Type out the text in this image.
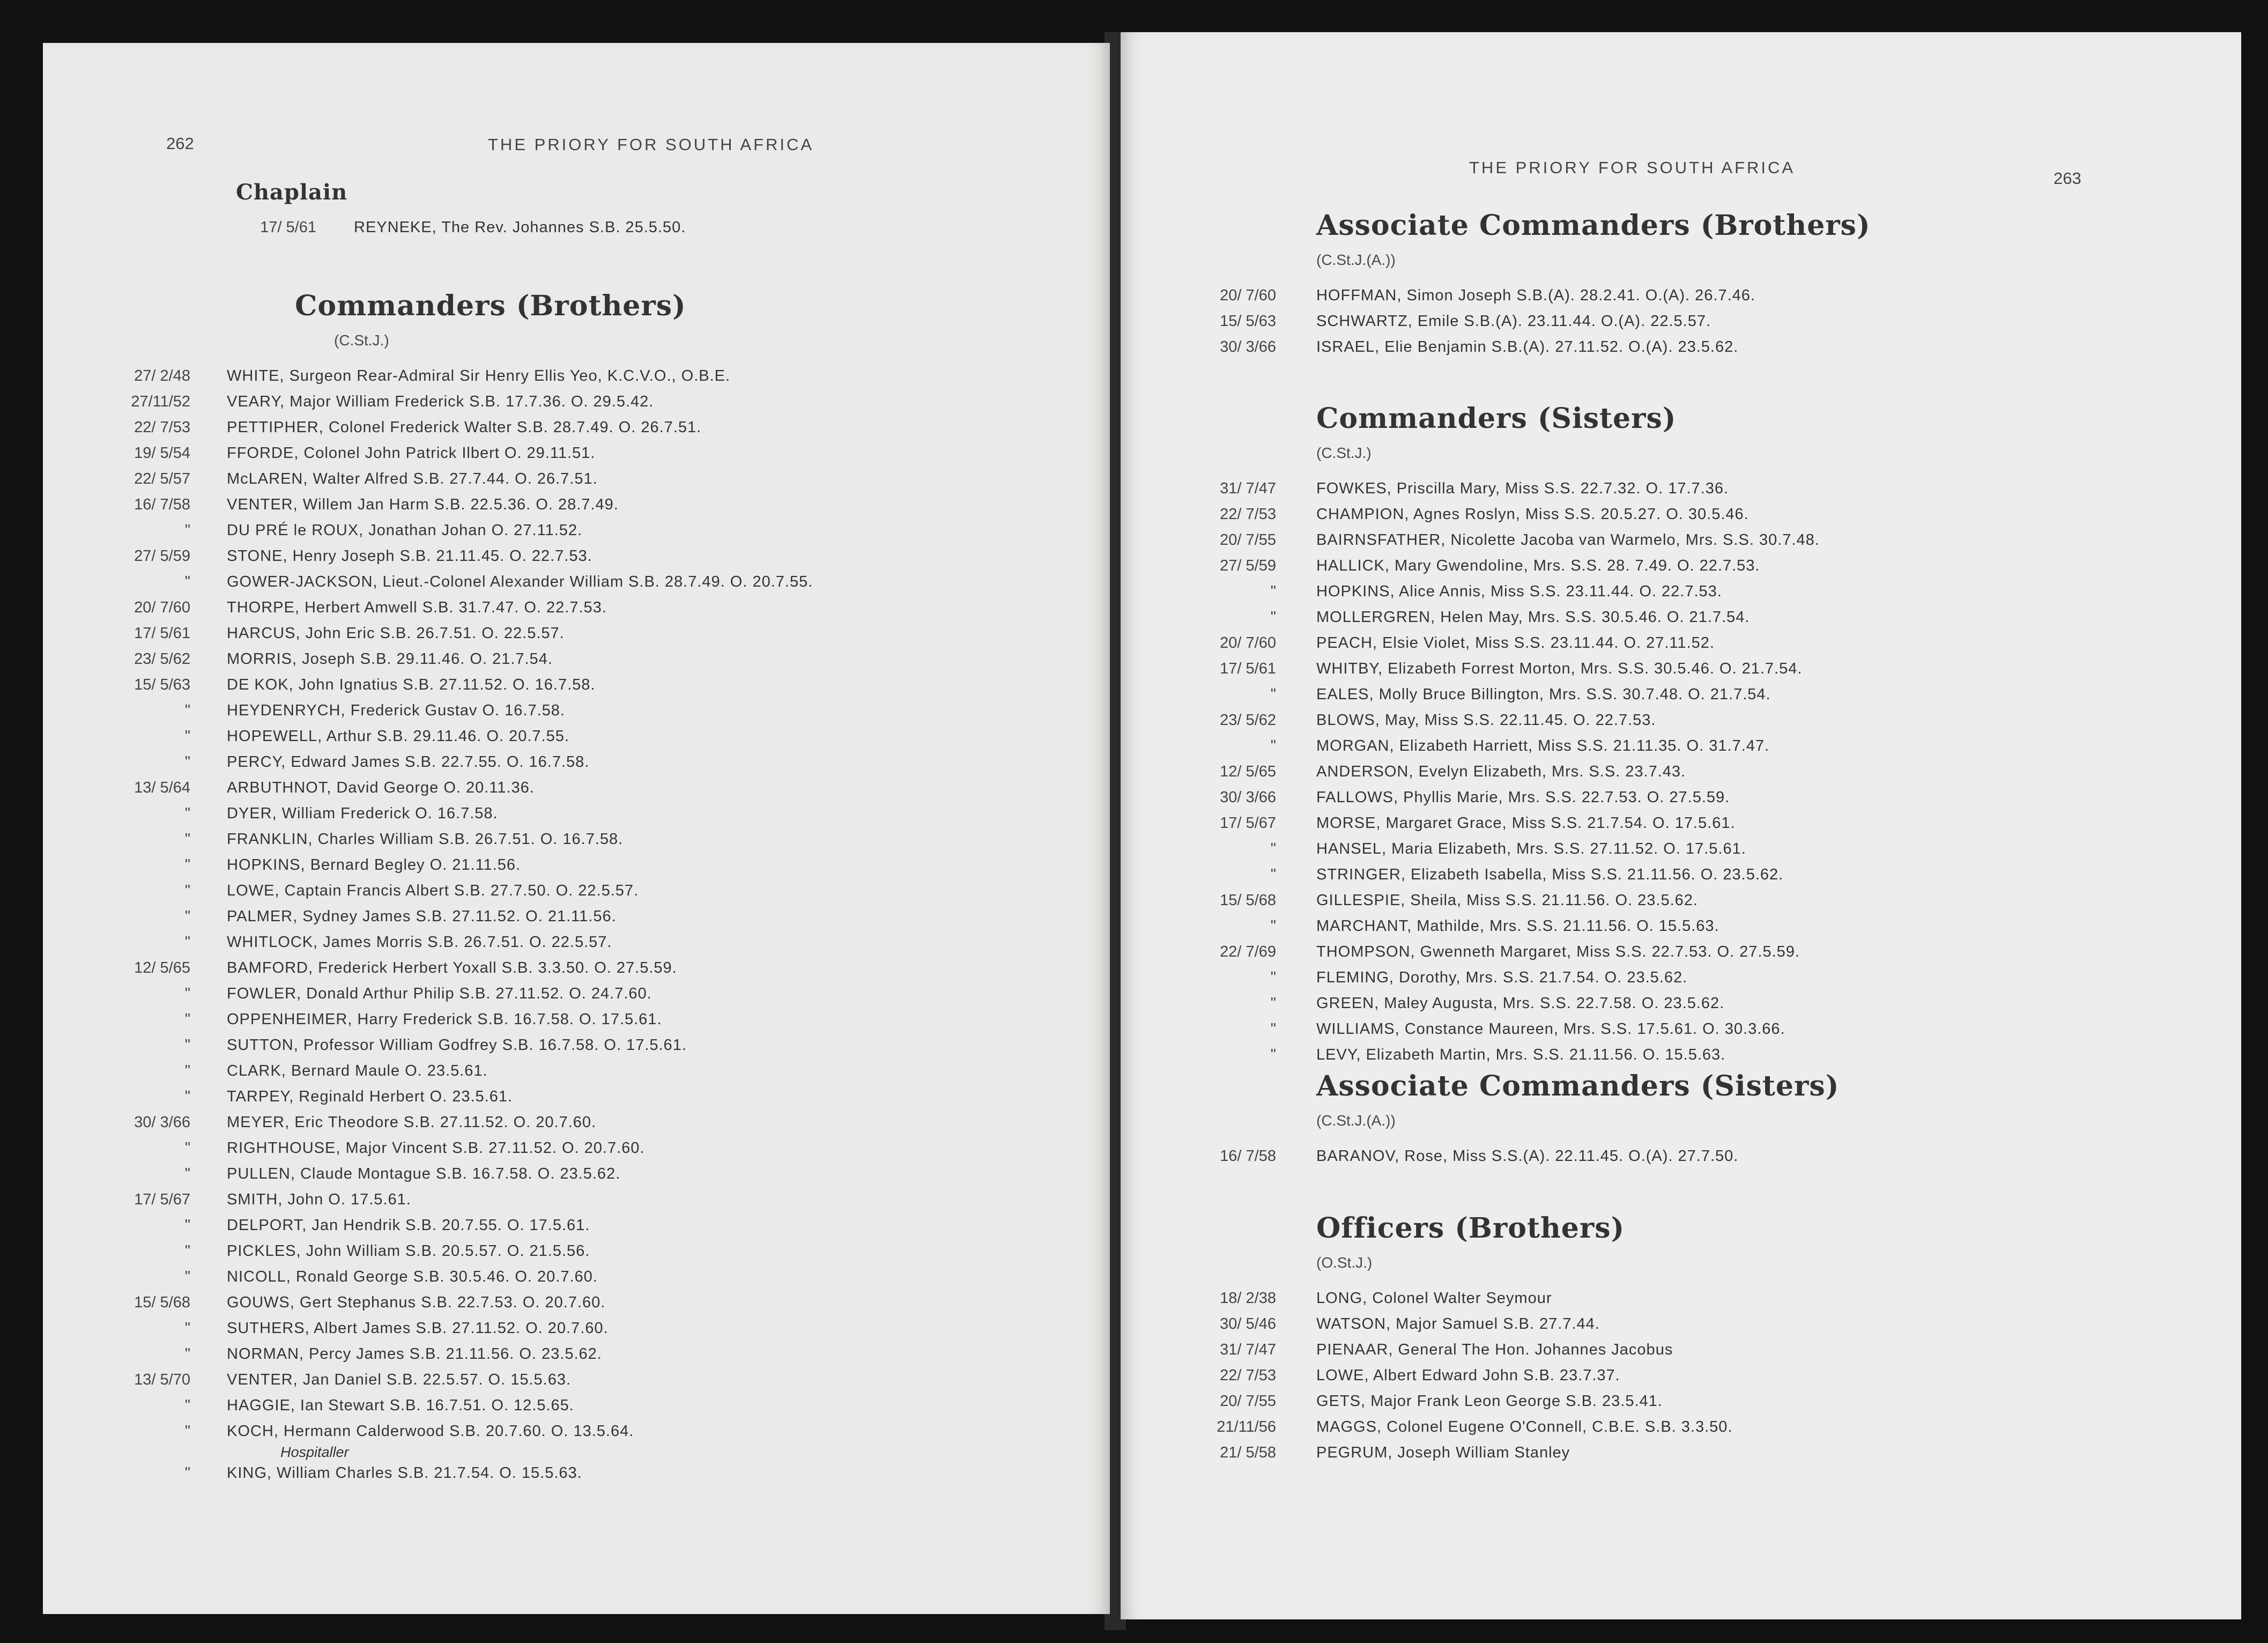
262	THE PRIORY FOR SOUTH AFRICA
Chaplain
17/ 5/61 REYNEKE, The Rev. Johannes S.B. 25.5.50.
Commanders (Brothers)
(C.St.J.)
27/ 2/48 WHITE, Surgeon Rear-Admiral Sir Henry Ellis Yeo, K.C.V.O., O.B.E.
27/11/52 VEARY, Major William Frederick S.B. 17.7.36. O. 29.5.42.
22/ 7/53 PETTIPHER, Colonel Frederick Walter S.B. 28.7.49. O. 26.7.51.
19/ 5/54 FFORDE, Colonel John Patrick Ilbert O. 29.11.51.
22/ 5/57 McLAREN, Walter Alfred S.B. 27.7.44. O. 26.7.51.
16/ 7/58 VENTER, Willem Jan Harm S.B. 22.5.36. O. 28.7.49.
" DU PRÉ le ROUX, Jonathan Johan O. 27.11.52.
27/ 5/59 STONE, Henry Joseph S.B. 21.11.45. O. 22.7.53.
" GOWER-JACKSON, Lieut.-Colonel Alexander William S.B. 28.7.49. O. 20.7.55.
20/ 7/60 THORPE, Herbert Amwell S.B. 31.7.47. O. 22.7.53.
17/ 5/61 HARCUS, John Eric S.B. 26.7.51. O. 22.5.57.
23/ 5/62 MORRIS, Joseph S.B. 29.11.46. O. 21.7.54.
15/ 5/63 DE KOK, John Ignatius S.B. 27.11.52. O. 16.7.58.
" HEYDENRYCH, Frederick Gustav O. 16.7.58.
" HOPEWELL, Arthur S.B. 29.11.46. O. 20.7.55.
" PERCY, Edward James S.B. 22.7.55. O. 16.7.58.
13/ 5/64 ARBUTHNOT, David George O. 20.11.36.
" DYER, William Frederick O. 16.7.58.
" FRANKLIN, Charles William S.B. 26.7.51. O. 16.7.58.
" HOPKINS, Bernard Begley O. 21.11.56.
" LOWE, Captain Francis Albert S.B. 27.7.50. O. 22.5.57.
" PALMER, Sydney James S.B. 27.11.52. O. 21.11.56.
" WHITLOCK, James Morris S.B. 26.7.51. O. 22.5.57.
12/ 5/65 BAMFORD, Frederick Herbert Yoxall S.B. 3.3.50. O. 27.5.59.
" FOWLER, Donald Arthur Philip S.B. 27.11.52. O. 24.7.60.
" OPPENHEIMER, Harry Frederick S.B. 16.7.58. O. 17.5.61.
" SUTTON, Professor William Godfrey S.B. 16.7.58. O. 17.5.61.
" CLARK, Bernard Maule O. 23.5.61.
" TARPEY, Reginald Herbert O. 23.5.61.
30/ 3/66 MEYER, Eric Theodore S.B. 27.11.52. O. 20.7.60.
" RIGHTHOUSE, Major Vincent S.B. 27.11.52. O. 20.7.60.
" PULLEN, Claude Montague S.B. 16.7.58. O. 23.5.62.
17/ 5/67 SMITH, John O. 17.5.61.
" DELPORT, Jan Hendrik S.B. 20.7.55. O. 17.5.61.
" PICKLES, John William S.B. 20.5.57. O. 21.5.56.
" NICOLL, Ronald George S.B. 30.5.46. O. 20.7.60.
15/ 5/68 GOUWS, Gert Stephanus S.B. 22.7.53. O. 20.7.60.
" SUTHERS, Albert James S.B. 27.11.52. O. 20.7.60.
" NORMAN, Percy James S.B. 21.11.56. O. 23.5.62.
13/ 5/70 VENTER, Jan Daniel S.B. 22.5.57. O. 15.5.63.
" HAGGIE, Ian Stewart S.B. 16.7.51. O. 12.5.65.
" KOCH, Hermann Calderwood S.B. 20.7.60. O. 13.5.64.
Hospitaller
" KING, William Charles S.B. 21.7.54. O. 15.5.63.
THE PRIORY FOR SOUTH AFRICA
263
Associate Commanders (Brothers)
(C.St.J.(A.))
20/ 7/60	HOFFMAN, Simon Joseph S.B.(A). 28.2.41. O.(A). 26.7.46.
15/ 5/63	SCHWARTZ, Emile S.B.(A). 23.11.44. O.(A). 22.5.57.
30/ 3/66	ISRAEL, Elie Benjamin S.B.(A). 27.11.52. O.(A). 23.5.62.
Commanders (Sisters)
(C.St.J.)
31/ 7/47	FOWKES, Priscilla Mary, Miss S.S. 22.7.32. O. 17.7.36.
22/ 7/53	CHAMPION, Agnes Roslyn, Miss S.S. 20.5.27. O. 30.5.46.
20/ 7/55	BAIRNSFATHER, Nicolette Jacoba van Warmelo, Mrs. S.S. 30.7.48.
27/ 5/59	HALLICK, Mary Gwendoline, Mrs. S.S. 28. 7.49. O. 22.7.53.
"	HOPKINS, Alice Annis, Miss S.S. 23.11.44. O. 22.7.53.
"	MOLLERGREN, Helen May, Mrs. S.S. 30.5.46. O. 21.7.54.
20/ 7/60	PEACH, Elsie Violet, Miss S.S. 23.11.44. O. 27.11.52.
17/ 5/61	WHITBY, Elizabeth Forrest Morton, Mrs. S.S. 30.5.46. O. 21.7.54.
"	EALES, Molly Bruce Billington, Mrs. S.S. 30.7.48. O. 21.7.54.
23/ 5/62	BLOWS, May, Miss S.S. 22.11.45. O. 22.7.53.
"	MORGAN, Elizabeth Harriett, Miss S.S. 21.11.35. O. 31.7.47.
12/ 5/65	ANDERSON, Evelyn Elizabeth, Mrs. S.S. 23.7.43.
30/ 3/66	FALLOWS, Phyllis Marie, Mrs. S.S. 22.7.53. O. 27.5.59.
17/ 5/67	MORSE, Margaret Grace, Miss S.S. 21.7.54. O. 17.5.61.
"	HANSEL, Maria Elizabeth, Mrs. S.S. 27.11.52. O. 17.5.61.
"	STRINGER, Elizabeth Isabella, Miss S.S. 21.11.56. O. 23.5.62.
15/ 5/68	GILLESPIE, Sheila, Miss S.S. 21.11.56. O. 23.5.62.
"	MARCHANT, Mathilde, Mrs. S.S. 21.11.56. O. 15.5.63.
22/ 7/69	THOMPSON, Gwenneth Margaret, Miss S.S. 22.7.53. O. 27.5.59.
"	FLEMING, Dorothy, Mrs. S.S. 21.7.54. O. 23.5.62.
"	GREEN, Maley Augusta, Mrs. S.S. 22.7.58. O. 23.5.62.
"	WILLIAMS, Constance Maureen, Mrs. S.S. 17.5.61. O. 30.3.66.
"	LEVY, Elizabeth Martin, Mrs. S.S. 21.11.56. O. 15.5.63.
Associate Commanders (Sisters)
(C.St.J.(A.))
16/ 7/58	BARANOV, Rose, Miss S.S.(A). 22.11.45. O.(A). 27.7.50.
Officers (Brothers)
(O.St.J.)
18/ 2/38	LONG, Colonel Walter Seymour
30/ 5/46	WATSON, Major Samuel S.B. 27.7.44.
31/ 7/47	PIENAAR, General The Hon. Johannes Jacobus
22/ 7/53	LOWE, Albert Edward John S.B. 23.7.37.
20/ 7/55	GETS, Major Frank Leon George S.B. 23.5.41.
21/11/56	MAGGS, Colonel Eugene O'Connell, C.B.E. S.B. 3.3.50.
21/ 5/58	PEGRUM, Joseph William Stanley
